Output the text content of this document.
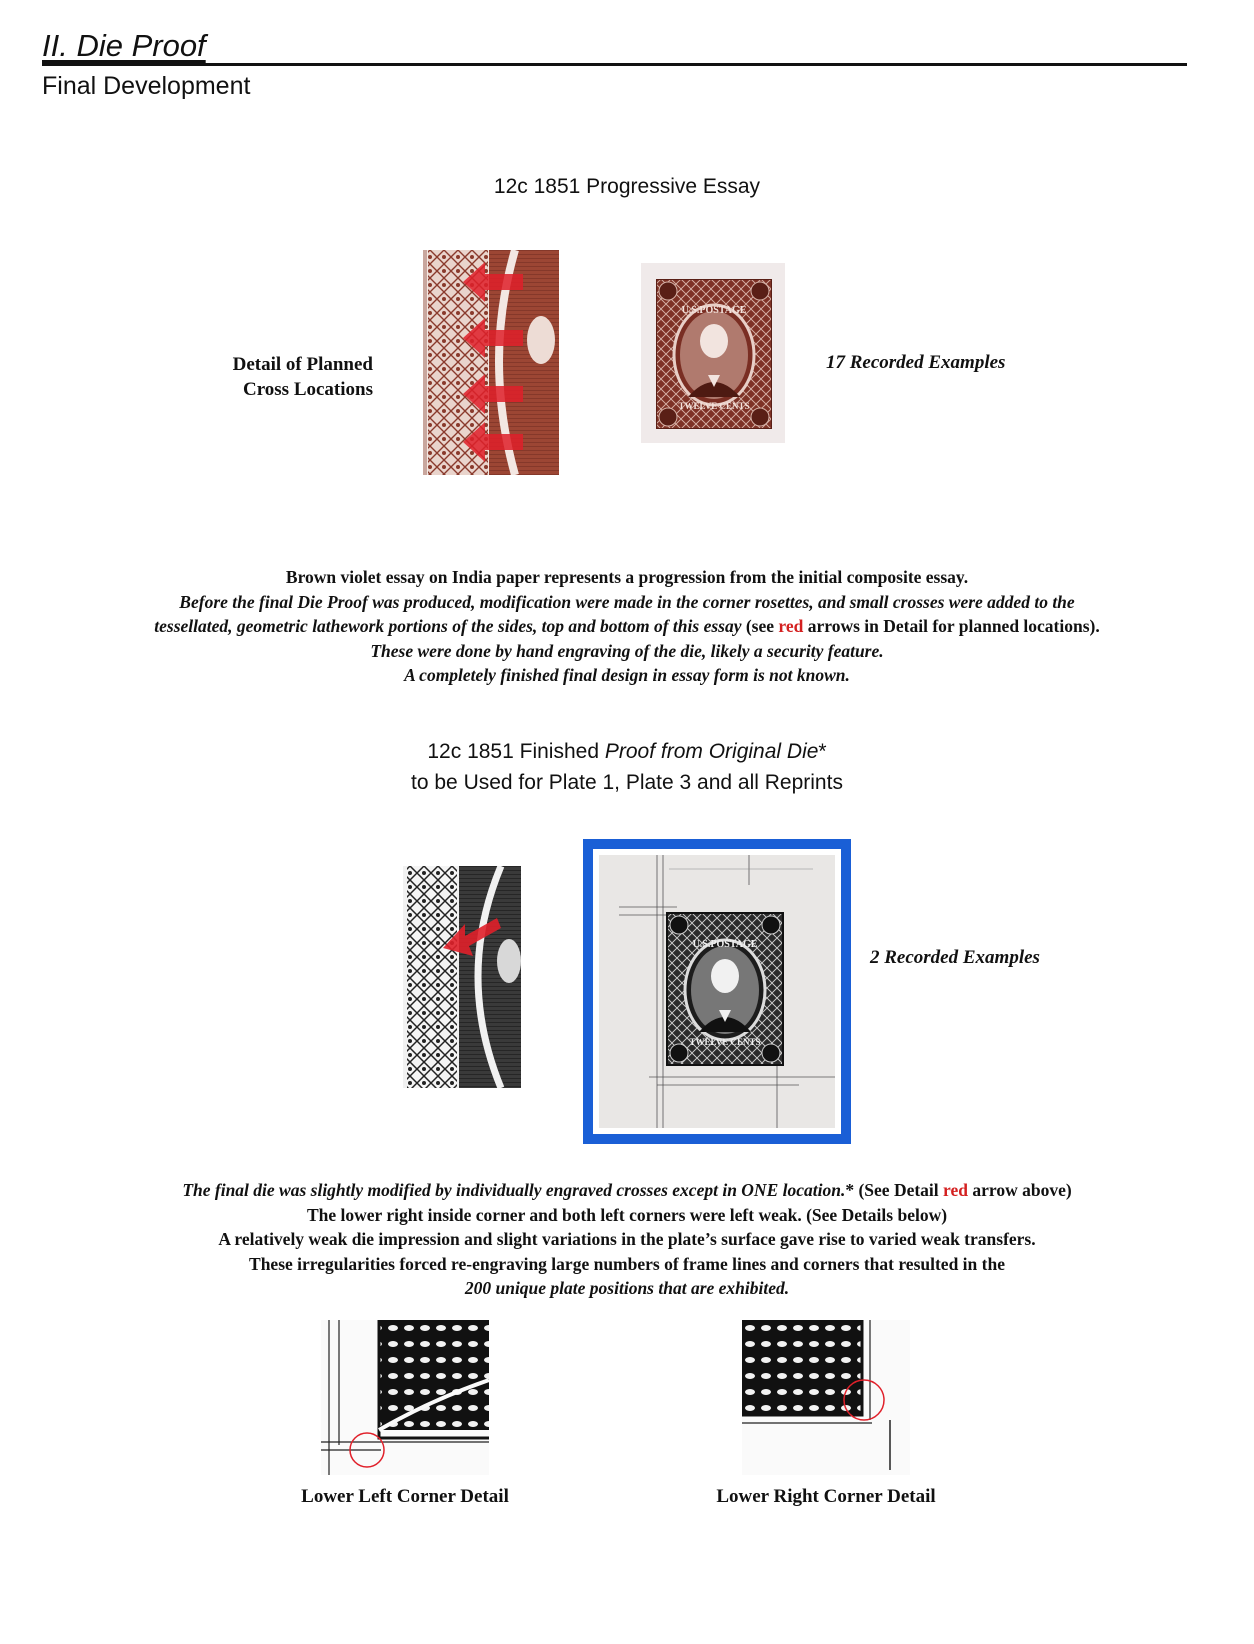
II. Die Proof
Final Development
12c 1851 Progressive Essay
Detail of Planned
Cross Locations
U.S.POSTAGE
TWELVE CENTS
17 Recorded Examples
Brown violet essay on India paper represents a progression from the initial composite essay.
Before the final Die Proof was produced, modification were made in the corner rosettes, and small crosses were added to the
tessellated, geometric lathework portions of the sides, top and bottom of this essay (see red arrows in Detail for planned locations).
These were done by hand engraving of the die, likely a security feature.
A completely finished final design in essay form is not known.
12c 1851 Finished Proof from Original Die*
to be Used for Plate 1, Plate 3 and all Reprints
U.S.POSTAGE
TWELVE CENTS
2 Recorded Examples
The final die was slightly modified by individually engraved crosses except in ONE location.* (See Detail red arrow above)
The lower right inside corner and both left corners were left weak. (See Details below)
A relatively weak die impression and slight variations in the plate’s surface gave rise to varied weak transfers.
These irregularities forced re-engraving large numbers of frame lines and corners that resulted in the
200 unique plate positions that are exhibited.
Lower Left Corner Detail	Lower Right Corner Detail
